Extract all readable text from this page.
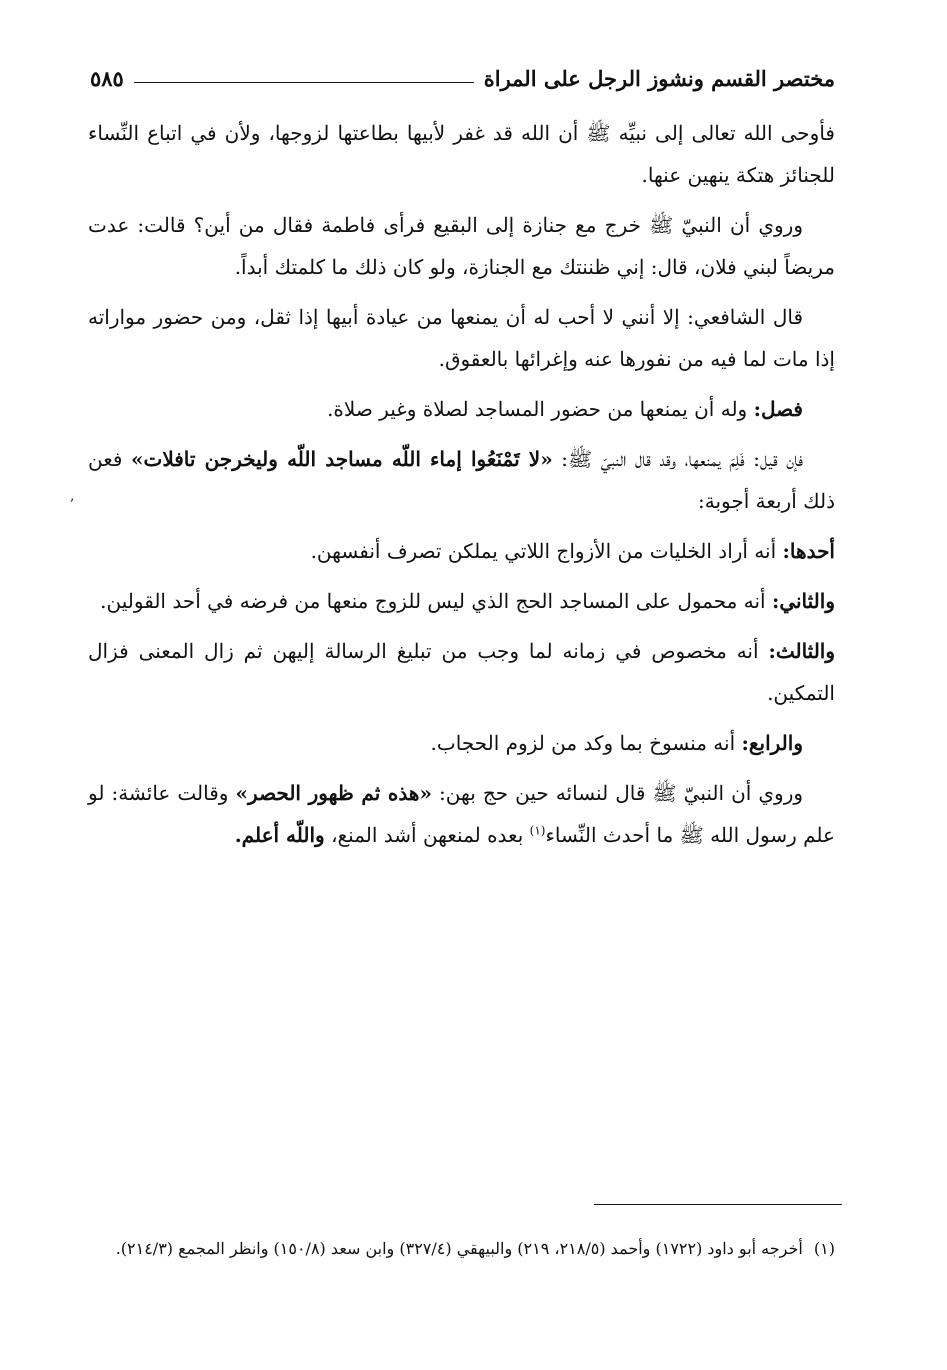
مختصر القسم ونشوز الرجل على المراة
٥٨٥

فأوحى الله تعالى إلى نبيِّه ﷺ أن الله قد غفر لأبيها بطاعتها لزوجها، ولأن في اتباع النِّساء للجنائز هتكة ينهين عنها.

وروي أن النبيّ ﷺ خرج مع جنازة إلى البقيع فرأى فاطمة فقال من أين؟ قالت: عدت مريضاً لبني فلان، قال: إني ظننتك مع الجنازة، ولو كان ذلك ما كلمتك أبداً.

قال الشافعي: إلا أنني لا أحب له أن يمنعها من عيادة أبيها إذا ثقل، ومن حضور مواراته إذا مات لما فيه من نفورها عنه وإغرائها بالعقوق.

فصل: وله أن يمنعها من حضور المساجد لصلاة وغير صلاة.

فإن قيل: فَلِمَ يمنعها، وقد قال النبيّ ﷺ: «لا تَمْنَعُوا إماء اللّه مساجد اللّه وليخرجن تافلات» فعن ذلك أربعة أجوبة:

أحدها: أنه أراد الخليات من الأزواج اللاتي يملكن تصرف أنفسهن.

والثاني: أنه محمول على المساجد الحج الذي ليس للزوج منعها من فرضه في أحد القولين.

والثالث: أنه مخصوص في زمانه لما وجب من تبليغ الرسالة إليهن ثم زال المعنى فزال التمكين.

والرابع: أنه منسوخ بما وكد من لزوم الحجاب.

وروي أن النبيّ ﷺ قال لنسائه حين حج بهن: «هذه ثم ظهور الحصر» وقالت عائشة: لو علم رسول الله ﷺ ما أحدث النِّساء$^{(١)}$ بعده لمنعهن أشد المنع، واللّه أعلم.

,
(١) أخرجه أبو داود (١٧٢٢) وأحمد (٢١٨/٥، ٢١٩) والبيهقي (٣٢٧/٤) وابن سعد (١٥٠/٨) وانظر المجمع (٢١٤/٣).
